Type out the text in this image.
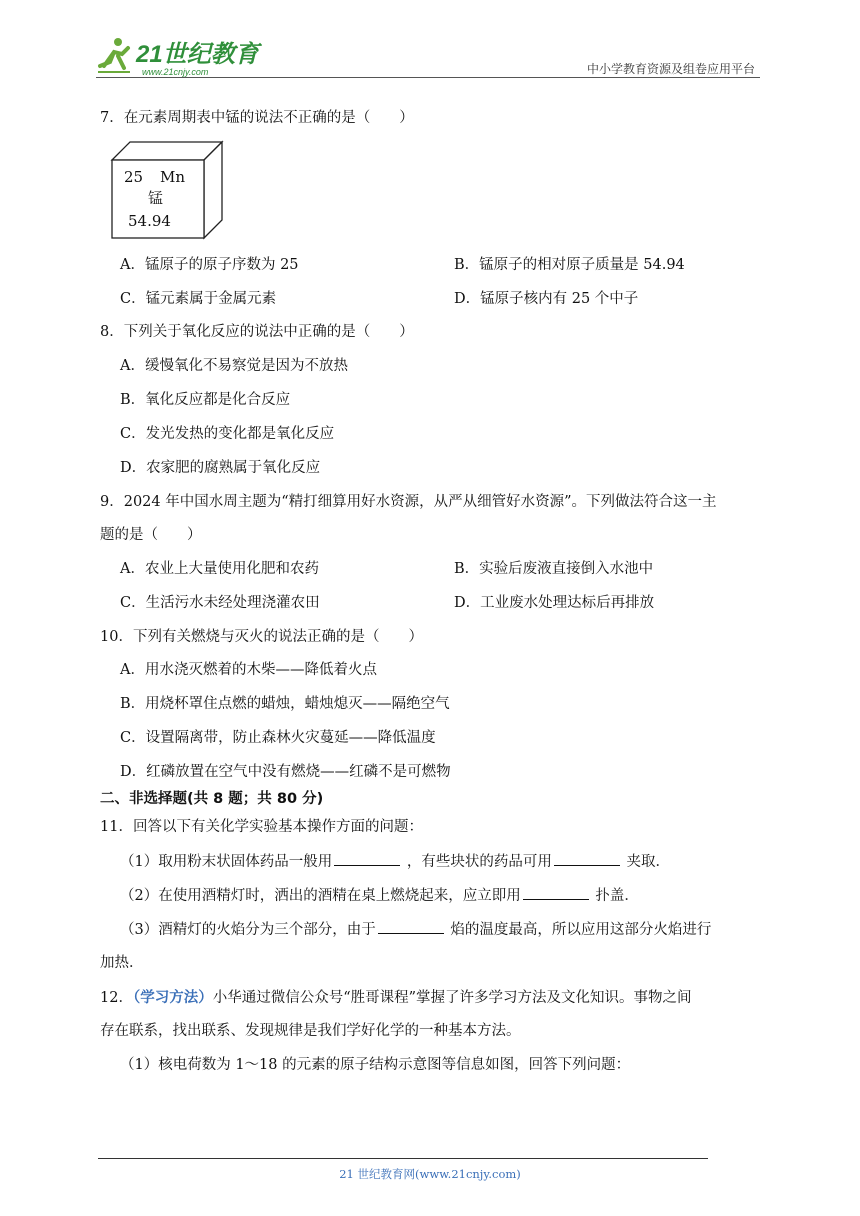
21世纪教育
www.21cnjy.com	中小学教育资源及组卷应用平台
7．在元素周期表中锰的说法不正确的是（　　）
25 Mn
锰
54.94
A．锰原子的原子序数为 25	B．锰原子的相对原子质量是 54.94
C．锰元素属于金属元素	D．锰原子核内有 25 个中子
8．下列关于氧化反应的说法中正确的是（　　）
A．缓慢氧化不易察觉是因为不放热
B．氧化反应都是化合反应
C．发光发热的变化都是氧化反应
D．农家肥的腐熟属于氧化反应
9．2024 年中国水周主题为“精打细算用好水资源，从严从细管好水资源”。下列做法符合这一主
题的是（　　）
A．农业上大量使用化肥和农药	B．实验后废液直接倒入水池中
C．生活污水未经处理浇灌农田	D．工业废水处理达标后再排放
10．下列有关燃烧与灭火的说法正确的是（　　）
A．用水浇灭燃着的木柴——降低着火点
B．用烧杯罩住点燃的蜡烛，蜡烛熄灭——隔绝空气
C．设置隔离带，防止森林火灾蔓延——降低温度
D．红磷放置在空气中没有燃烧——红磷不是可燃物
二、非选择题(共 8 题；共 80 分)
11．回答以下有关化学实验基本操作方面的问题：
（1）取用粉末状固体药品一般用	，有些块状的药品可用	夹取．
（2）在使用酒精灯时，洒出的酒精在桌上燃烧起来，应立即用	扑盖．
（3）酒精灯的火焰分为三个部分，由于	焰的温度最高，所以应用这部分火焰进行
加热．
12．（学习方法）小华通过微信公众号“胜哥课程”掌握了许多学习方法及文化知识。事物之间
存在联系，找出联系、发现规律是我们学好化学的一种基本方法。
（1）核电荷数为 1～18 的元素的原子结构示意图等信息如图，回答下列问题：
21 世纪教育网(www.21cnjy.com)
